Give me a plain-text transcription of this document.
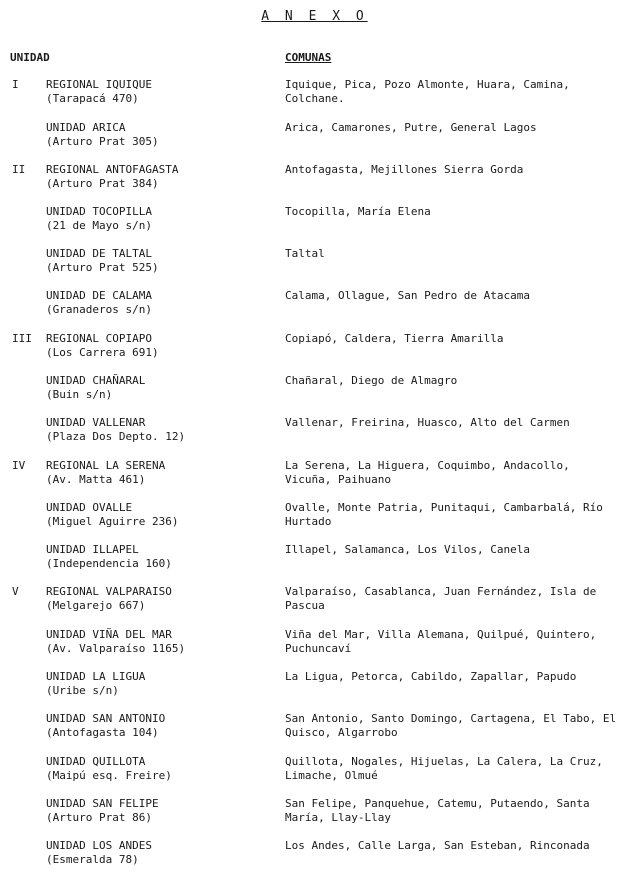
A N E X O
UNIDAD	COMUNAS
I REGIONAL IQUIQUE
(Tarapacá 470)
Iquique, Pica, Pozo Almonte, Huara, Camina, Colchane.
UNIDAD ARICA
(Arturo Prat 305)
Arica, Camarones, Putre, General Lagos
II REGIONAL ANTOFAGASTA
(Arturo Prat 384)
Antofagasta, Mejillones Sierra Gorda
UNIDAD TOCOPILLA
(21 de Mayo s/n)
Tocopilla, María Elena
UNIDAD DE TALTAL
(Arturo Prat 525)
Taltal
UNIDAD DE CALAMA
(Granaderos s/n)
Calama, Ollague, San Pedro de Atacama
III REGIONAL COPIAPO
(Los Carrera 691)
Copiapó, Caldera, Tierra Amarilla
UNIDAD CHAÑARAL
(Buin s/n)
Chañaral, Diego de Almagro
UNIDAD VALLENAR
(Plaza Dos Depto. 12)
Vallenar, Freirina, Huasco, Alto del Carmen
IV REGIONAL LA SERENA
(Av. Matta 461)
La Serena, La Higuera, Coquimbo, Andacollo, Vicuña, Paihuano
UNIDAD OVALLE
(Miguel Aguirre 236)
Ovalle, Monte Patria, Punitaqui, Cambarbalá, Río Hurtado
UNIDAD ILLAPEL
(Independencia 160)
Illapel, Salamanca, Los Vilos, Canela
V REGIONAL VALPARAISO
(Melgarejo 667)
Valparaíso, Casablanca, Juan Fernández, Isla de Pascua
UNIDAD VIÑA DEL MAR
(Av. Valparaíso 1165)
Viña del Mar, Villa Alemana, Quilpué, Quintero, Puchuncaví
UNIDAD LA LIGUA
(Uribe s/n)
La Ligua, Petorca, Cabildo, Zapallar, Papudo
UNIDAD SAN ANTONIO
(Antofagasta 104)
San Antonio, Santo Domingo, Cartagena, El Tabo, El Quisco, Algarrobo
UNIDAD QUILLOTA
(Maipú esq. Freire)
Quillota, Nogales, Hijuelas, La Calera, La Cruz, Limache, Olmué
UNIDAD SAN FELIPE
(Arturo Prat 86)
San Felipe, Panquehue, Catemu, Putaendo, Santa María, Llay-Llay
UNIDAD LOS ANDES
(Esmeralda 78)
Los Andes, Calle Larga, San Esteban, Rinconada
